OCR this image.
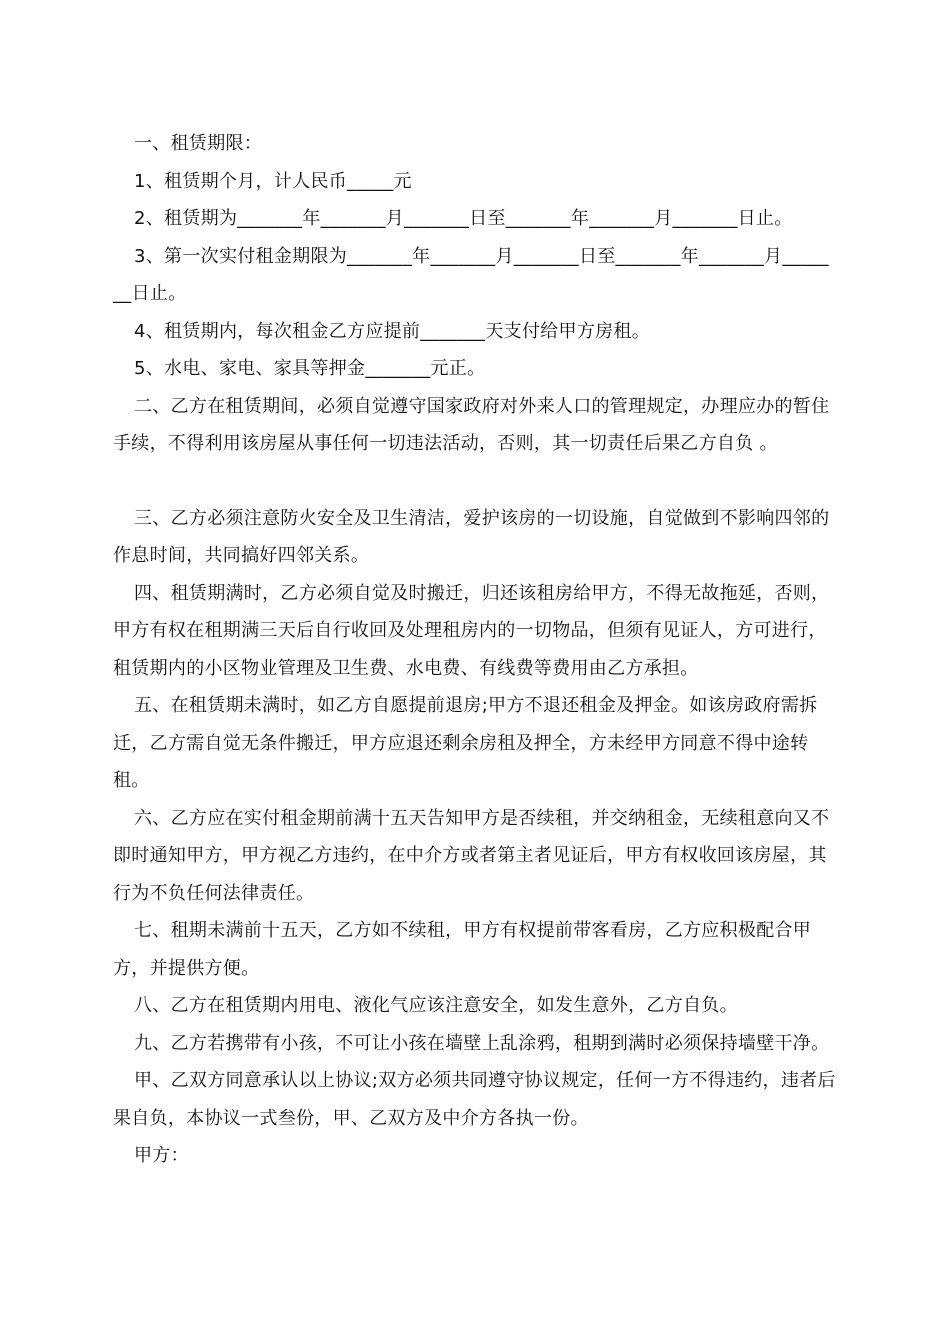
一、租赁期限：

1、租赁期个月，计人民币_____元

2、租赁期为_______年_______月_______日至_______年_______月_______日止。

3、第一次实付租金期限为_______年_______月_______日至_______年_______月_______日止。

4、租赁期内，每次租金乙方应提前_______天支付给甲方房租。

5、水电、家电、家具等押金_______元正。

二、乙方在租赁期间，必须自觉遵守国家政府对外来人口的管理规定，办理应办的暂住手续，不得利用该房屋从事任何一切违法活动，否则，其一切责任后果乙方自负 。

三、乙方必须注意防火安全及卫生清洁，爱护该房的一切设施，自觉做到不影响四邻的作息时间，共同搞好四邻关系。

四、租赁期满时，乙方必须自觉及时搬迁，归还该租房给甲方，不得无故拖延，否则，甲方有权在租期满三天后自行收回及处理租房内的一切物品，但须有见证人，方可进行，租赁期内的小区物业管理及卫生费、水电费、有线费等费用由乙方承担。

五、在租赁期未满时，如乙方自愿提前退房;甲方不退还租金及押金。如该房政府需拆迁，乙方需自觉无条件搬迁，甲方应退还剩余房租及押全，方未经甲方同意不得中途转租。

六、乙方应在实付租金期前满十五天告知甲方是否续租，并交纳租金，无续租意向又不即时通知甲方，甲方视乙方违约，在中介方或者第主者见证后，甲方有权收回该房屋，其行为不负任何法律责任。

七、租期未满前十五天，乙方如不续租，甲方有权提前带客看房，乙方应积极配合甲方，并提供方便。

八、乙方在租赁期内用电、液化气应该注意安全，如发生意外，乙方自负。

九、乙方若携带有小孩，不可让小孩在墙壁上乱涂鸦，租期到满时必须保持墙壁干净。

甲、乙双方同意承认以上协议;双方必须共同遵守协议规定，任何一方不得违约，违者后果自负，本协议一式叁份，甲、乙双方及中介方各执一份。

甲方：
